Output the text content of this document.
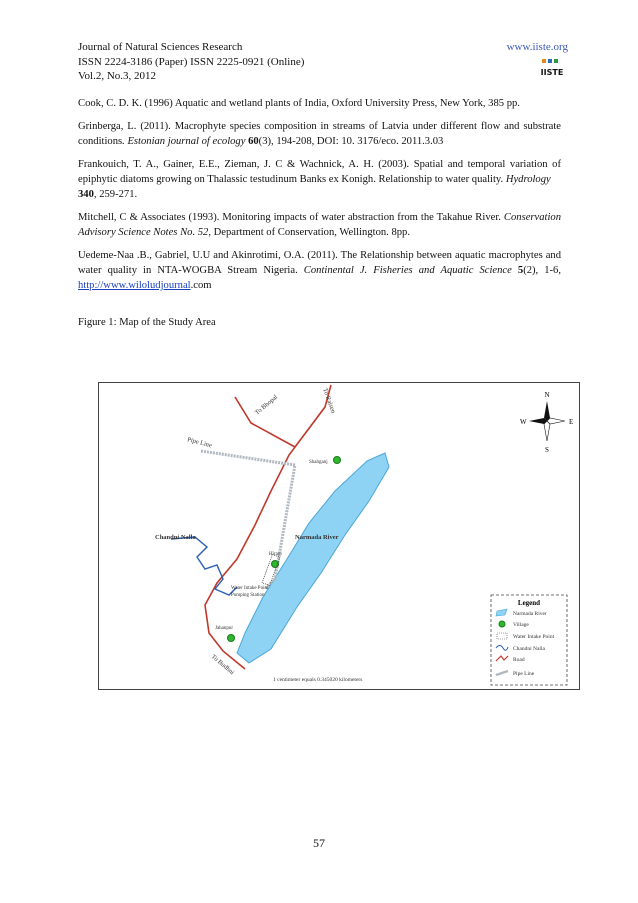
Journal of Natural Sciences Research
ISSN 2224-3186 (Paper) ISSN 2225-0921 (Online)
Vol.2, No.3, 2012
www.iiste.org
IISTE

Cook, C. D. K. (1996) Aquatic and wetland plants of India, Oxford University Press, New York, 385 pp.

Grinberga, L. (2011). Macrophyte species composition in streams of Latvia under different flow and substrate conditions. Estonian journal of ecology 60(3), 194-208, DOI: 10. 3176/eco. 2011.3.03

Frankouich, T. A., Gainer, E.E., Zieman, J. C & Wachnick, A. H. (2003). Spatial and temporal variation of epiphytic diatoms growing on Thalassic testudinum Banks ex Konigh. Relationship to water quality. Hydrology
340, 259-271.

Mitchell, C & Associates (1993). Monitoring impacts of water abstraction from the Takahue River. Conservation Advisory Science Notes No. 52, Department of Conservation, Wellington. 8pp.

Uedeme-Naa .B., Gabriel, U.U and Akinrotimi, O.A. (2011). The Relationship between aquatic macrophytes and water quality in NTA-WOGBA Stream Nigeria. Continental J. Fisheries and Aquatic Science 5(2), 1-6, http://www.wiloludjournal.com

Figure 1: Map of the Study Area
To Bhopal	To Raisen
Pipe Line
Chandni Nalla	Narmada River
Shahganj
Hirani
Jahanpur
Water Intake Point
Pumping Station
To Budhni
1 centimeter equals 0.345020 kilometers
N
S
E
W
Legend
Narmada River
Village
Water Intake Point
Chandni Nalla
Road
Pipe Line
57
